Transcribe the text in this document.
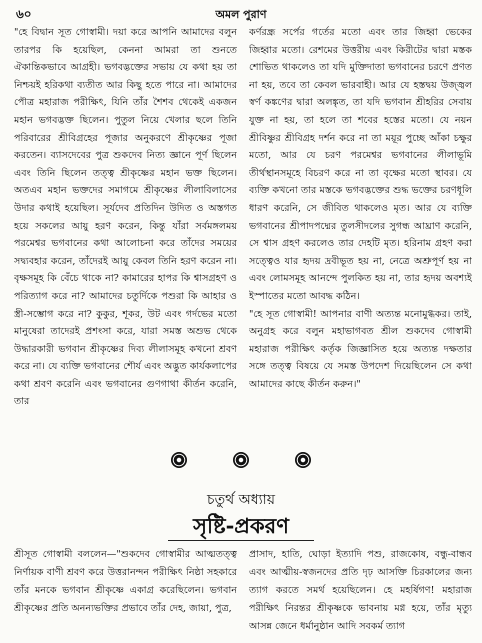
৬০	অমল পুরাণ

"হে বিদ্বান সূত গোস্বামী। দয়া করে আপনি আমাদের বলুন তারপর কি হয়েছিল, কেননা আমরা তা শুনতে ঐকান্তিকভাবে আগ্রহী। ভগবদ্ভক্তের সভায় যে কথা হয় তা নিশ্চয়ই হরিকথা ব্যতীত আর কিছু হতে পারে না। আমাদের পৌত্র মহারাজ পরীক্ষিৎ, যিনি তাঁর শৈশব থেকেই একজন মহান ভগবদ্ভক্ত ছিলেন। পুতুল নিয়ে খেলার ছলে তিনি পরিবারের শ্রীবিগ্রহের পূজার অনুকরণে শ্রীকৃষ্ণের পূজা করতেন। ব্যাসদেবের পুত্র শুকদেব নিত্য জ্ঞানে পূর্ণ ছিলেন এবং তিনি ছিলেন তত্ত্ব শ্রীকৃষ্ণের মহান ভক্ত ছিলেন। অতএব মহান ভক্তদের সমাগমে শ্রীকৃষ্ণের লীলাবিলাসের উদার কথাই হয়েছিল। সূর্যদেব প্রতিদিন উদিত ও অস্তগত হয়ে সকলের আয়ু হরণ করেন, কিন্তু যাঁরা সর্বমঙ্গলময় পরমেশ্বর ভগবানের কথা আলোচনা করে তাঁদের সময়ের সদ্ব্যবহার করেন, তাঁদেরই আয়ু কেবল তিনি হরণ করেন না। বৃক্ষসমূহ কি বেঁচে থাকে না? কামারের হাপর কি শ্বাসগ্রহণ ও পরিত্যাগ করে না? আমাদের চতুর্দিকে পশুরা কি আহার ও স্ত্রী-সম্ভোগ করে না? কুকুর, শূকর, উট এবং গর্দভের মতো মানুষেরা তাদেরই প্রশংসা করে, যারা সমস্ত অশুভ থেকে উদ্ধারকারী ভগবান শ্রীকৃষ্ণের দিব্য লীলাসমূহ কখনো শ্রবণ করে না। যে ব্যক্তি ভগবানের শৌর্য এবং অদ্ভুত কার্যকলাপের কথা শ্রবণ করেনি এবং ভগবানের গুণগাথা কীর্তন করেনি, তার

কর্ণরন্ধ্র সর্পের গর্তের মতো এবং তার জিহ্বা ভেকের জিহ্বার মতো। রেশমের উত্তরীয় এবং কিরীটের দ্বারা মস্তক শোভিত থাকলেও তা যদি মুক্তিদাতা ভগবানের চরণে প্রণত না হয়, তবে তা কেবল ভারবাহী। আর যে হস্তদ্বয় উজ্জ্বল স্বর্ণ কঙ্কণের দ্বারা অলঙ্কৃত, তা যদি ভগবান শ্রীহরির সেবায় যুক্ত না হয়, তা হলে তা শবের হস্তের মতো। যে নয়ন শ্রীবিষ্ণুর শ্রীবিগ্রহ দর্শন করে না তা ময়ূর পুচ্ছে আঁকা চক্ষুর মতো, আর যে চরণ পরমেশ্বর ভগবানের লীলাভূমি তীর্থস্থানসমূহে বিচরণ করে না তা বৃক্ষের মতো স্থাবর। যে ব্যক্তি কখনো তার মস্তকে ভগবদ্ভক্তের শুদ্ধ ভক্তের চরণধূলি ধারণ করেনি, সে জীবিত থাকলেও মৃত। আর যে ব্যক্তি ভগবানের শ্রীপাদপদ্মের তুলসীদলের সুগন্ধ আঘ্রাণ করেনি, সে শ্বাস গ্রহণ করলেও তার দেহটি মৃত। হরিনাম গ্রহণ করা সত্ত্বেও যার হৃদয় দ্রবীভূত হয় না, নেত্রে অশ্রুপূর্ণ হয় না এবং লোমসমূহ আনন্দে পুলকিত হয় না, তার হৃদয় অবশ্যই ইস্পাতের মতো আবদ্ধ কঠিন।

"হে সূত গোস্বামী! আপনার বাণী অত্যন্ত মনোমুগ্ধকর। তাই, অনুগ্রহ করে বলুন মহাভাগবত শ্রীল শুকদেব গোস্বামী মহারাজ পরীক্ষিৎ কর্তৃক জিজ্ঞাসিত হয়ে অত্যন্ত দক্ষতার সঙ্গে তত্ত্ব বিষয়ে যে সমস্ত উপদেশ দিয়েছিলেন সে কথা আমাদের কাছে কীর্তন করুন।"

চতুর্থ অধ্যায়
সৃষ্টি-প্রকরণ

শ্রীসূত গোস্বামী বললেন—"শুকদেব গোস্বামীর আত্মতত্ত্ব নির্ণায়ক বাণী শ্রবণ করে উত্তরানন্দন পরীক্ষিৎ নিষ্ঠা সহকারে তাঁর মনকে ভগবান শ্রীকৃষ্ণে একাগ্র করেছিলেন। ভগবান শ্রীকৃষ্ণের প্রতি অনন্যভক্তির প্রভাবে তাঁর দেহ, জায়া, পুত্র,

প্রাসাদ, হাতি, ঘোড়া ইত্যাদি পশু, রাজকোষ, বন্ধু-বান্ধব এবং আত্মীয়-স্বজনদের প্রতি দৃঢ় আসক্তি চিরকালের জন্য ত্যাগ করতে সমর্থ হয়েছিলেন। হে মহর্ষিগণ! মহারাজ পরীক্ষিৎ নিরন্তর শ্রীকৃষ্ণকে ভাবনায় মগ্ন হয়ে, তাঁর মৃত্যু আসন্ন জেনে ধর্মানুষ্ঠান আদি সবকর্ম ত্যাগ
